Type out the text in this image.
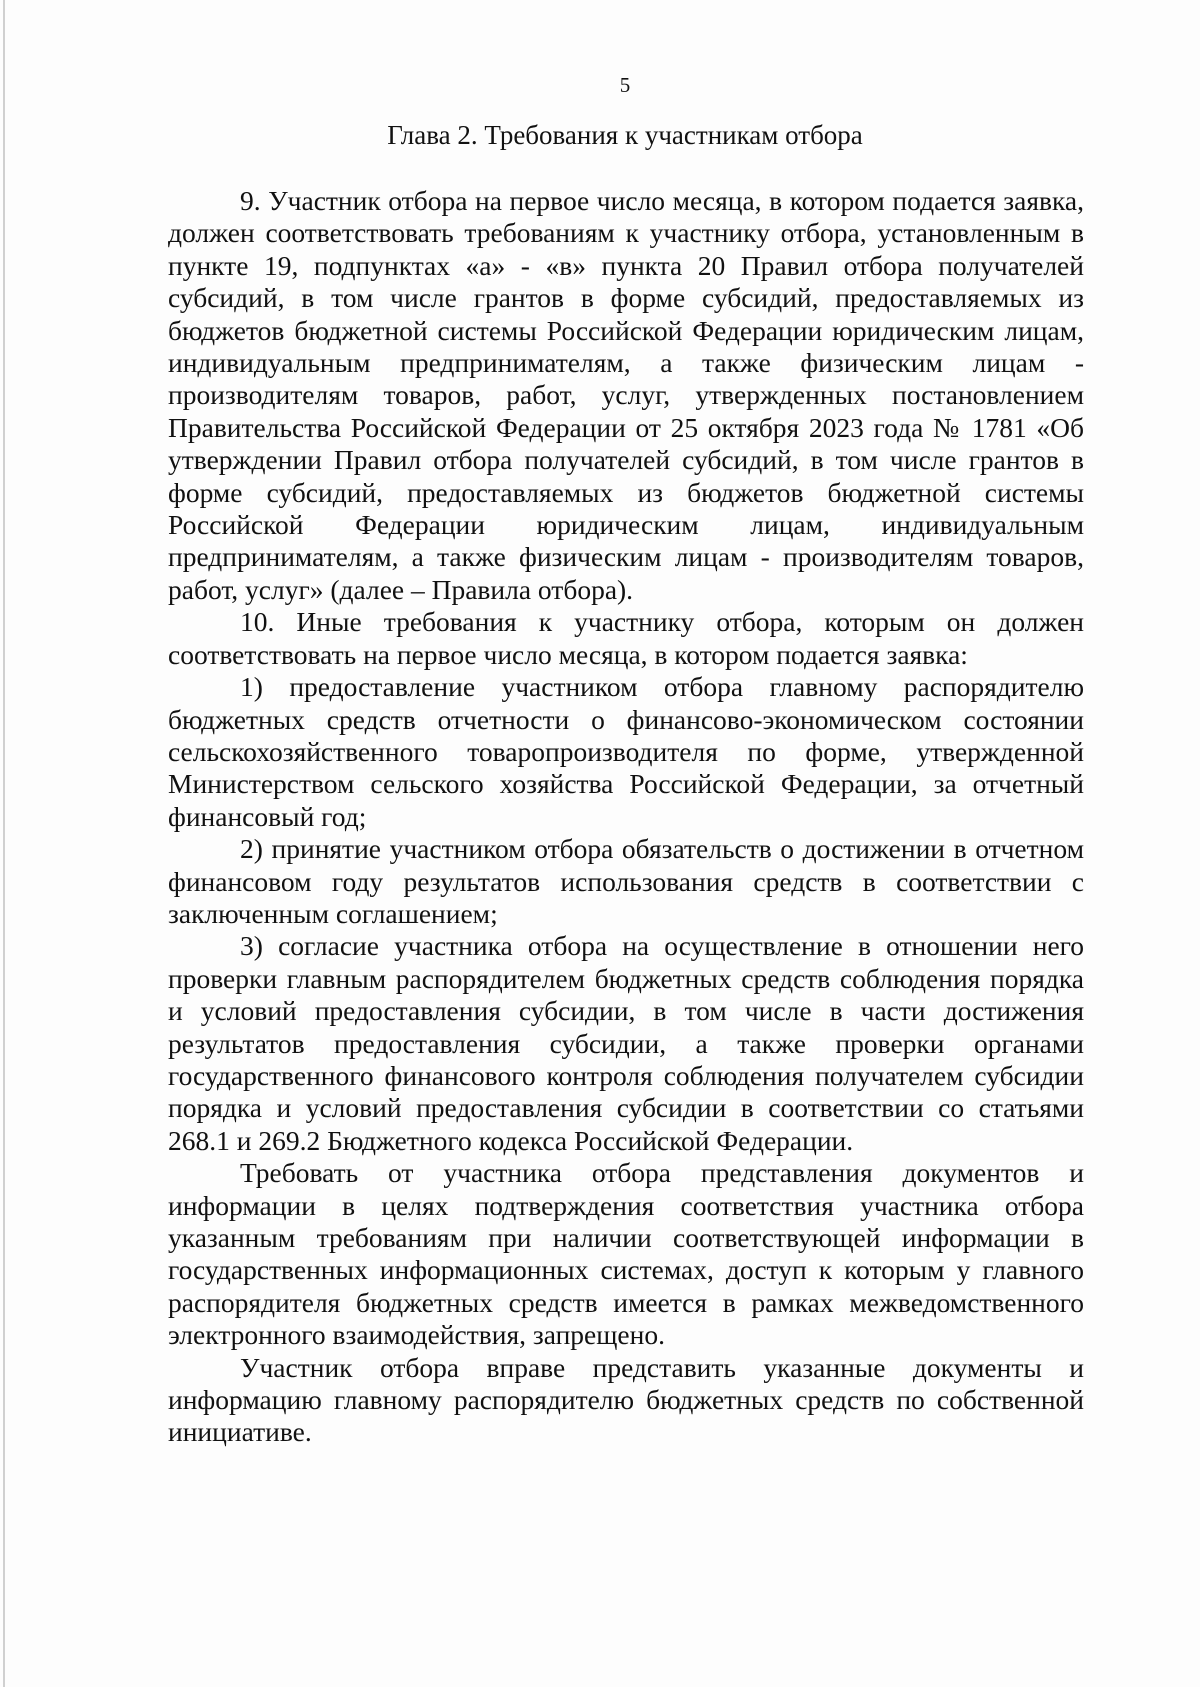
5
Глава 2. Требования к участникам отбора

9. Участник отбора на первое число месяца, в котором подается заявка, должен соответствовать требованиям к участнику отбора, установленным в пункте 19, подпунктах «а» - «в» пункта 20 Правил отбора получателей субсидий, в том числе грантов в форме субсидий, предоставляемых из бюджетов бюджетной системы Российской Федерации юридическим лицам, индивидуальным предпринимателям, а также физическим лицам - производителям товаров, работ, услуг, утвержденных постановлением Правительства Российской Федерации от 25 октября 2023 года № 1781 «Об утверждении Правил отбора получателей субсидий, в том числе грантов в форме субсидий, предоставляемых из бюджетов бюджетной системы Российской Федерации юридическим лицам, индивидуальным предпринимателям, а также физическим лицам - производителям товаров, работ, услуг» (далее – Правила отбора).

10. Иные требования к участнику отбора, которым он должен соответствовать на первое число месяца, в котором подается заявка:

1) предоставление участником отбора главному распорядителю бюджетных средств отчетности о финансово-экономическом состоянии сельскохозяйственного товаропроизводителя по форме, утвержденной Министерством сельского хозяйства Российской Федерации, за отчетный финансовый год;

2) принятие участником отбора обязательств о достижении в отчетном финансовом году результатов использования средств в соответствии с заключенным соглашением;

3) согласие участника отбора на осуществление в отношении него проверки главным распорядителем бюджетных средств соблюдения порядка и условий предоставления субсидии, в том числе в части достижения результатов предоставления субсидии, а также проверки органами государственного финансового контроля соблюдения получателем субсидии порядка и условий предоставления субсидии в соответствии со статьями 268.1 и 269.2 Бюджетного кодекса Российской Федерации.

Требовать от участника отбора представления документов и информации в целях подтверждения соответствия участника отбора указанным требованиям при наличии соответствующей информации в государственных информационных системах, доступ к которым у главного распорядителя бюджетных средств имеется в рамках межведомственного электронного взаимодействия, запрещено.

Участник отбора вправе представить указанные документы и информацию главному распорядителю бюджетных средств по собственной инициативе.
